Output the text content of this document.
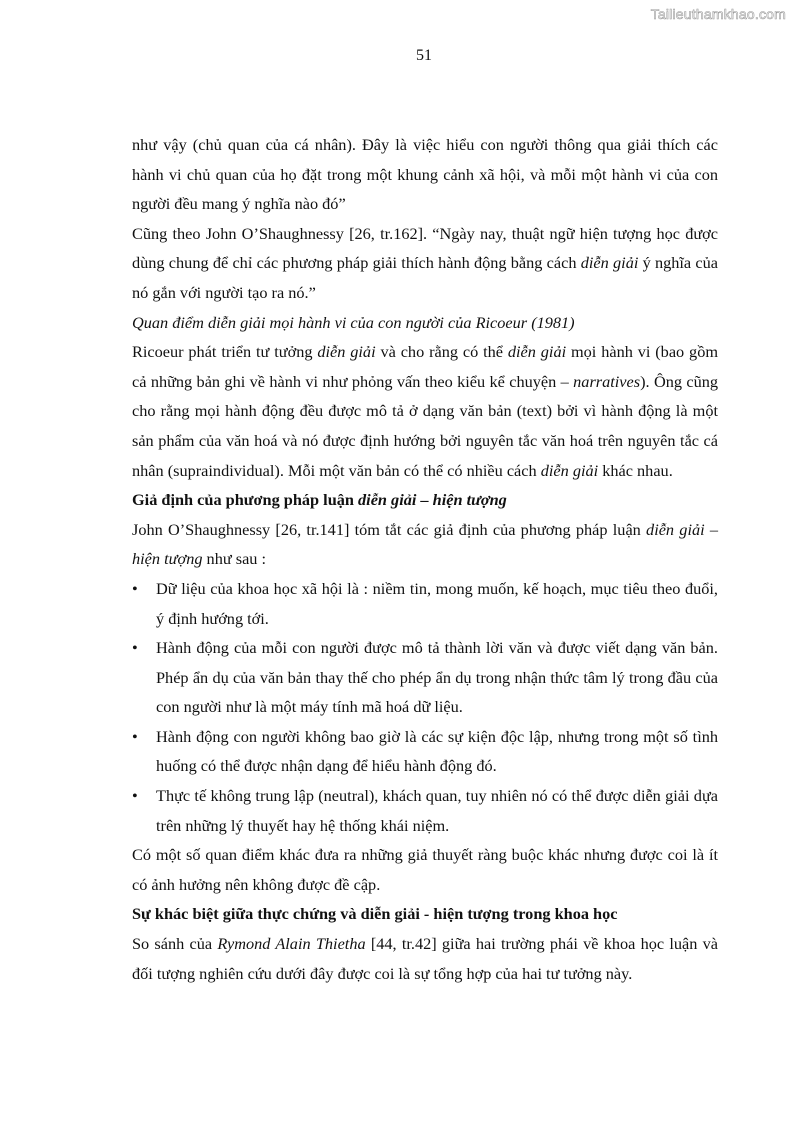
Tailieuthamkhao.com
51

như vậy (chủ quan của cá nhân). Đây là việc hiểu con người thông qua giải thích các hành vi chủ quan của họ đặt trong một khung cảnh xã hội, và mỗi một hành vi của con người đều mang ý nghĩa nào đó”

Cũng theo John O’Shaughnessy [26, tr.162]. “Ngày nay, thuật ngữ hiện tượng học được dùng chung để chỉ các phương pháp giải thích hành động bằng cách diễn giải ý nghĩa của nó gắn với người tạo ra nó.”

Quan điểm diễn giải mọi hành vi của con người của Ricoeur (1981)

Ricoeur phát triển tư tưởng diễn giải và cho rằng có thể diễn giải mọi hành vi (bao gồm cả những bản ghi về hành vi như phỏng vấn theo kiểu kể chuyện – narratives). Ông cũng cho rằng mọi hành động đều được mô tả ở dạng văn bản (text) bởi vì hành động là một sản phẩm của văn hoá và nó được định hướng bởi nguyên tắc văn hoá trên nguyên tắc cá nhân (supraindividual). Mỗi một văn bản có thể có nhiều cách diễn giải khác nhau.

Giả định của phương pháp luận diễn giải – hiện tượng

John O’Shaughnessy [26, tr.141] tóm tắt các giả định của phương pháp luận diễn giải – hiện tượng như sau :

• Dữ liệu của khoa học xã hội là : niềm tin, mong muốn, kế hoạch, mục tiêu theo đuổi, ý định hướng tới.
• Hành động của mỗi con người được mô tả thành lời văn và được viết dạng văn bản. Phép ẩn dụ của văn bản thay thế cho phép ẩn dụ trong nhận thức tâm lý trong đầu của con người như là một máy tính mã hoá dữ liệu.
• Hành động con người không bao giờ là các sự kiện độc lập, nhưng trong một số tình huống có thể được nhận dạng để hiểu hành động đó.
• Thực tế không trung lập (neutral), khách quan, tuy nhiên nó có thể được diễn giải dựa trên những lý thuyết hay hệ thống khái niệm.

Có một số quan điểm khác đưa ra những giả thuyết ràng buộc khác nhưng được coi là ít có ảnh hưởng nên không được đề cập.

Sự khác biệt giữa thực chứng và diễn giải - hiện tượng trong khoa học

So sánh của Rymond Alain Thietha [44, tr.42] giữa hai trường phái về khoa học luận và đối tượng nghiên cứu dưới đây được coi là sự tổng hợp của hai tư tưởng này.
